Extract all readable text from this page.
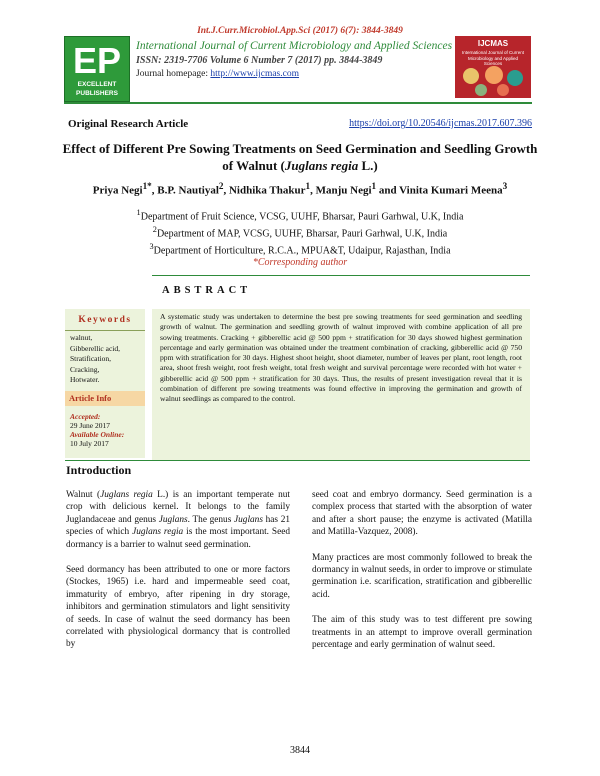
Int.J.Curr.Microbiol.App.Sci (2017) 6(7): 3844-3849
EP
EXCELLENT
PUBLISHERS
International Journal of Current Microbiology and Applied Sciences
ISSN: 2319-7706 Volume 6 Number 7 (2017) pp. 3844-3849
Journal homepage: http://www.ijcmas.com
IJCMAS
International Journal of Current Microbiology and Applied Sciences
Original Research Article	https://doi.org/10.20546/ijcmas.2017.607.396
Effect of Different Pre Sowing Treatments on Seed Germination and Seedling Growth of Walnut (Juglans regia L.)
Priya Negi$^{1*}$, B.P. Nautiyal$^2$, Nidhika Thakur$^1$, Manju Negi$^1$ and Vinita Kumari Meena$^3$
$^1$Department of Fruit Science, VCSG, UUHF, Bharsar, Pauri Garhwal, U.K, India
$^2$Department of MAP, VCSG, UUHF, Bharsar, Pauri Garhwal, U.K, India
$^3$Department of Horticulture, R.C.A., MPUA&T, Udaipur, Rajasthan, India
*Corresponding author
ABSTRACT
Keywords
walnut,
Gibberellic acid,
Stratification,
Cracking,
Hotwater.
Article Info
Accepted:
29 June 2017
Available Online:
10 July 2017
A systematic study was undertaken to determine the best pre sowing treatments for seed germination and seedling growth of walnut. The germination and seedling growth of walnut improved with combine application of all pre sowing treatments. Cracking + gibberellic acid @ 500 ppm + stratification for 30 days showed highest germination percentage and early germination was obtained under the treatment combination of cracking, gibberellic acid @ 750 ppm with stratification for 30 days. Highest shoot height, shoot diameter, number of leaves per plant, root length, root area, shoot fresh weight, root fresh weight, total fresh weight and survival percentage were recorded with hot water + gibberellic acid @ 500 ppm + stratification for 30 days. Thus, the results of present investigation reveal that it is combination of different pre sowing treatments was found effective in improving the germination and growth of walnut seedlings as compared to the control.
Introduction

Walnut (Juglans regia L.) is an important temperate nut crop with delicious kernel. It belongs to the family Juglandaceae and genus Juglans. The genus Juglans has 21 species of which Juglans regia is the most important. Seed dormancy is a barrier to walnut seed germination.

Seed dormancy has been attributed to one or more factors (Stockes, 1965) i.e. hard and impermeable seed coat, immaturity of embryo, after ripening in dry storage, inhibitors and germination stimulators and light sensitivity of seeds. In case of walnut the seed dormancy has been correlated with physiological dormancy that is controlled by

seed coat and embryo dormancy. Seed germination is a complex process that started with the absorption of water and after a short pause; the enzyme is activated (Matilla and Matilla-Vazquez, 2008).

Many practices are most commonly followed to break the dormancy in walnut seeds, in order to improve or stimulate germination i.e. scarification, stratification and gibberellic acid.

The aim of this study was to test different pre sowing treatments in an attempt to improve overall germination percentage and early germination of walnut seed.

3844
